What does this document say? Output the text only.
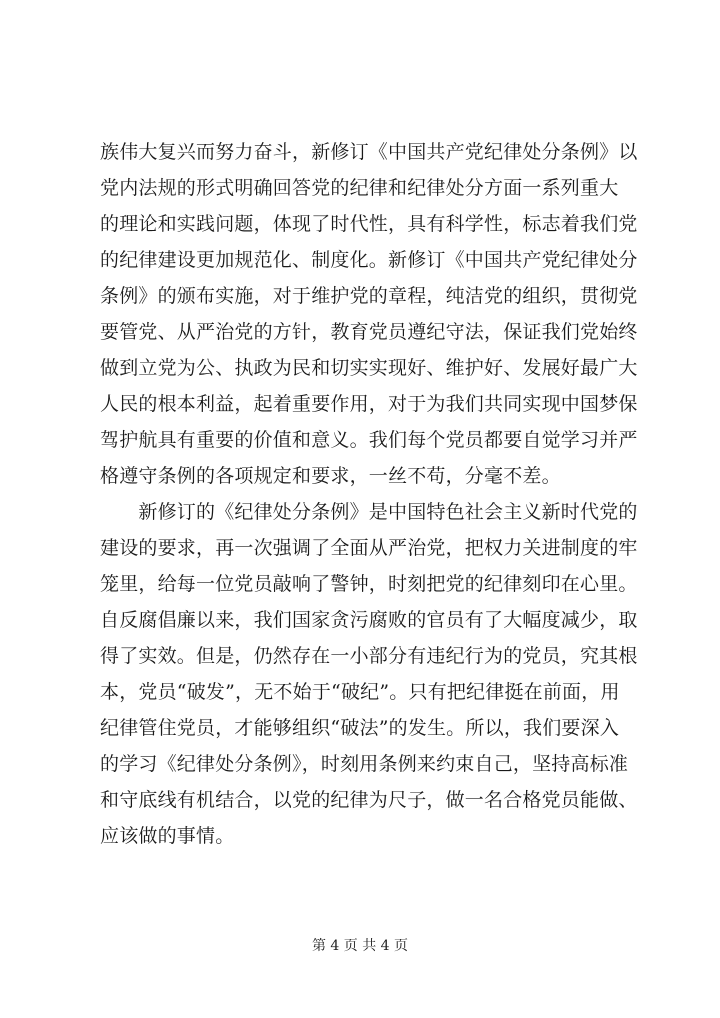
族伟大复兴而努力奋斗，新修订《中国共产党纪律处分条例》以
党内法规的形式明确回答党的纪律和纪律处分方面一系列重大
的理论和实践问题，体现了时代性，具有科学性，标志着我们党
的纪律建设更加规范化、制度化。新修订《中国共产党纪律处分
条例》的颁布实施，对于维护党的章程，纯洁党的组织，贯彻党
要管党、从严治党的方针，教育党员遵纪守法，保证我们党始终
做到立党为公、执政为民和切实实现好、维护好、发展好最广大
人民的根本利益，起着重要作用，对于为我们共同实现中国梦保
驾护航具有重要的价值和意义。我们每个党员都要自觉学习并严
格遵守条例的各项规定和要求，一丝不苟，分毫不差。
　　新修订的《纪律处分条例》是中国特色社会主义新时代党的
建设的要求，再一次强调了全面从严治党，把权力关进制度的牢
笼里，给每一位党员敲响了警钟，时刻把党的纪律刻印在心里。
自反腐倡廉以来，我们国家贪污腐败的官员有了大幅度减少，取
得了实效。但是，仍然存在一小部分有违纪行为的党员，究其根
本，党员“破发”，无不始于“破纪”。只有把纪律挺在前面，用
纪律管住党员，才能够组织“破法”的发生。所以，我们要深入
的学习《纪律处分条例》，时刻用条例来约束自己，坚持高标准
和守底线有机结合，以党的纪律为尺子，做一名合格党员能做、
应该做的事情。
第 4 页 共 4 页
